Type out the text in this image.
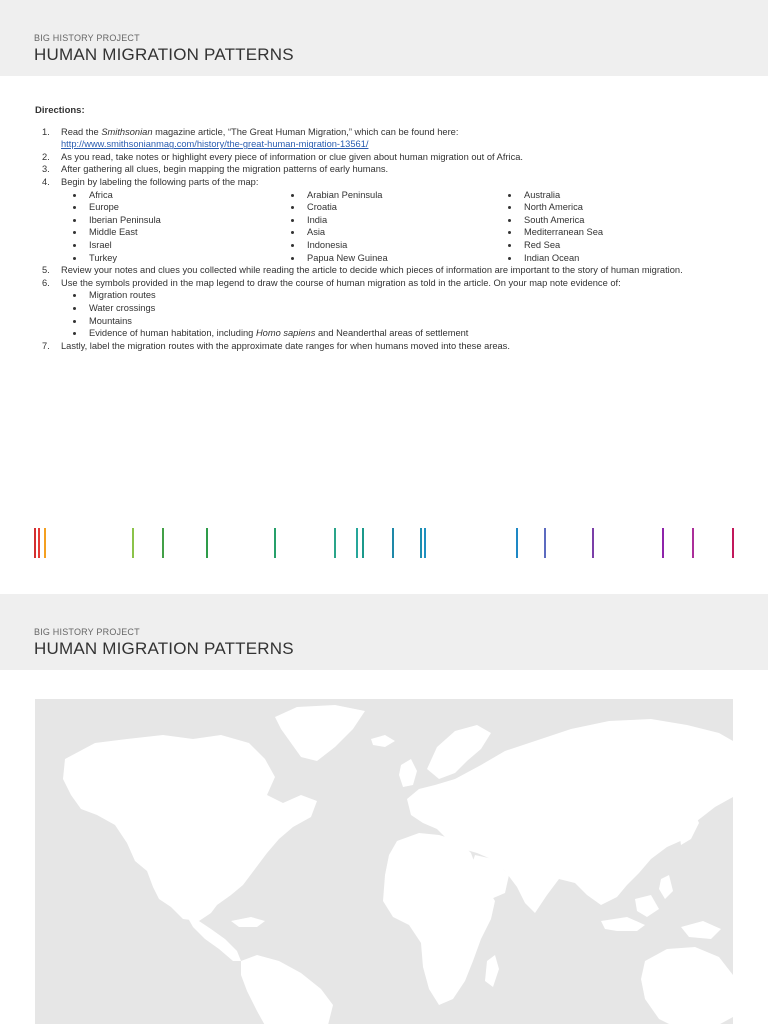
BIG HISTORY PROJECT
HUMAN MIGRATION PATTERNS
Directions:
1. Read the Smithsonian magazine article, “The Great Human Migration,” which can be found here:
http://www.smithsonianmag.com/history/the-great-human-migration-13561/
2. As you read, take notes or highlight every piece of information or clue given about human migration out of Africa.
3. After gathering all clues, begin mapping the migration patterns of early humans.
4. Begin by labeling the following parts of the map:
Africa
Europe
Iberian Peninsula
Middle East
Israel
Turkey
Arabian Peninsula
Croatia
India
Asia
Indonesia
Papua New Guinea
Australia
North America
South America
Mediterranean Sea
Red Sea
Indian Ocean
5. Review your notes and clues you collected while reading the article to decide which pieces of information are important to the story of human migration.
6. Use the symbols provided in the map legend to draw the course of human migration as told in the article. On your map note evidence of:
Migration routes
Water crossings
Mountains
Evidence of human habitation, including Homo sapiens and Neanderthal areas of settlement
7. Lastly, label the migration routes with the approximate date ranges for when humans moved into these areas.
BIG HISTORY PROJECT
HUMAN MIGRATION PATTERNS
